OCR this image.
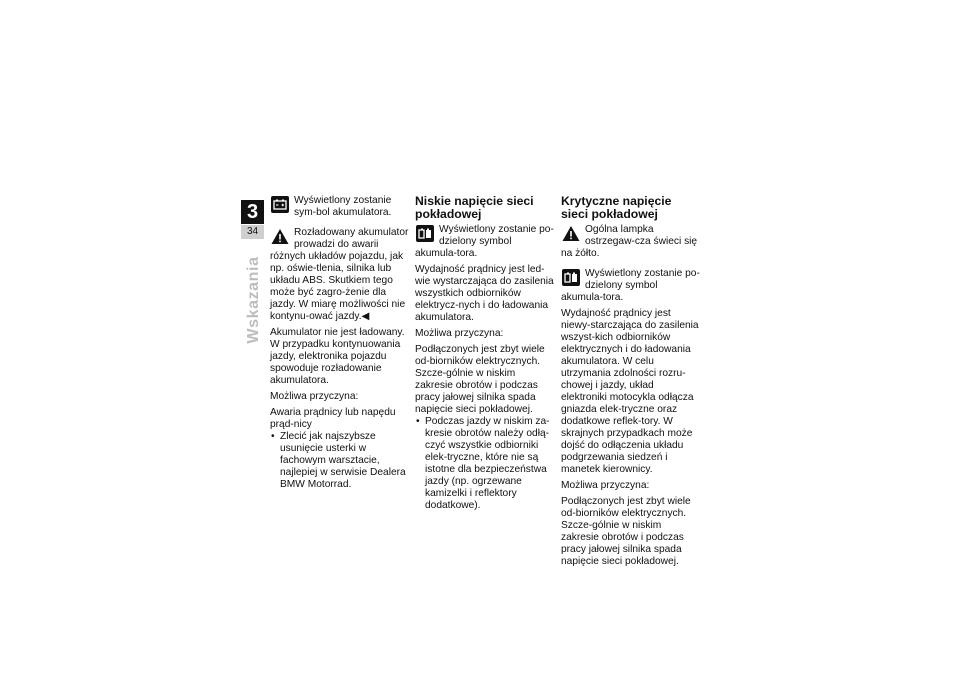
3
34
Wskazania

Wyświetlony zostanie sym-bol akumulatora.

Rozładowany akumulator prowadzi do awarii różnych układów pojazdu, jak np. oświe-tlenia, silnika lub układu ABS. Skutkiem tego może być zagro-żenie dla jazdy. W miarę możliwości nie kontynu-ować jazdy.◀

Akumulator nie jest ładowany. W przypadku kontynuowania jazdy, elektronika pojazdu spowoduje rozładowanie akumulatora.

Możliwa przyczyna:

Awaria prądnicy lub napędu prąd-nicy

• Zlecić jak najszybsze usunięcie usterki w fachowym warsztacie, najlepiej w serwisie Dealera BMW Motorrad.
Niskie napięcie sieci pokładowej

Wyświetlony zostanie po-dzielony symbol akumula-tora.

Wydajność prądnicy jest led-wie wystarczająca do zasilenia wszystkich odbiorników elektrycz-nych i do ładowania akumulatora.

Możliwa przyczyna:

Podłączonych jest zbyt wiele od-biorników elektrycznych. Szcze-gólnie w niskim zakresie obrotów i podczas pracy jałowej silnika spada napięcie sieci pokładowej.

• Podczas jazdy w niskim za-kresie obrotów należy odłą-czyć wszystkie odbiorniki elek-tryczne, które nie są istotne dla bezpieczeństwa jazdy (np. ogrzewane kamizelki i reflektory dodatkowe).
Krytyczne napięcie sieci pokładowej

Ogólna lampka ostrzegaw-cza świeci się na żółto.

Wyświetlony zostanie po-dzielony symbol akumula-tora.

Wydajność prądnicy jest niewy-starczająca do zasilenia wszyst-kich odbiorników elektrycznych i do ładowania akumulatora. W celu utrzymania zdolności rozru-chowej i jazdy, układ elektroniki motocykla odłącza gniazda elek-tryczne oraz dodatkowe reflek-tory. W skrajnych przypadkach może dojść do odłączenia układu podgrzewania siedzeń i manetek kierownicy.

Możliwa przyczyna:

Podłączonych jest zbyt wiele od-biorników elektrycznych. Szcze-gólnie w niskim zakresie obrotów i podczas pracy jałowej silnika spada napięcie sieci pokładowej.
